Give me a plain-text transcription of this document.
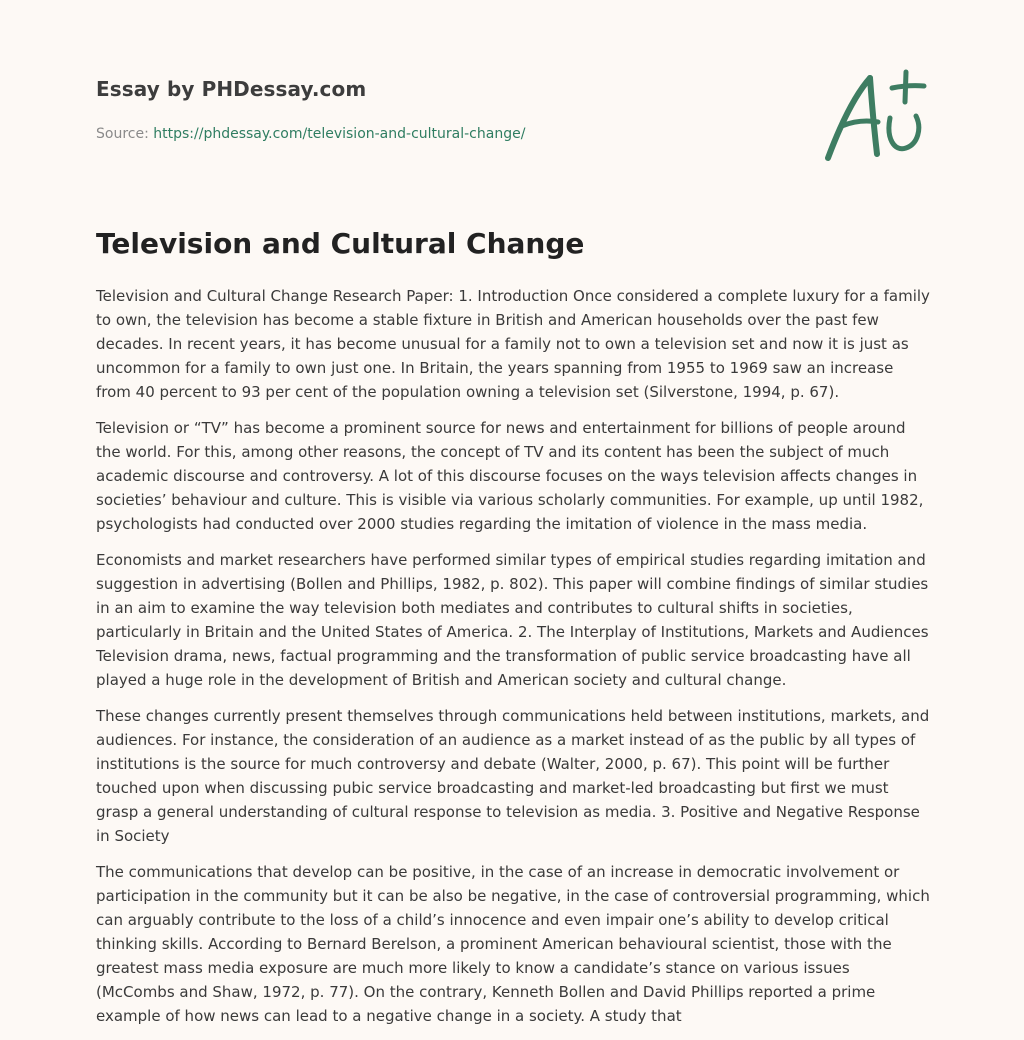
Essay by PHDessay.com
Source: https://phdessay.com/television-and-cultural-change/
Television and Cultural Change

Television and Cultural Change Research Paper: 1. Introduction Once considered a complete luxury for a family to own, the television has become a stable fixture in British and American households over the past few decades. In recent years, it has become unusual for a family not to own a television set and now it is just as uncommon for a family to own just one. In Britain, the years spanning from 1955 to 1969 saw an increase from 40 percent to 93 per cent of the population owning a television set (Silverstone, 1994, p. 67).

Television or “TV” has become a prominent source for news and entertainment for billions of people around the world. For this, among other reasons, the concept of TV and its content has been the subject of much academic discourse and controversy. A lot of this discourse focuses on the ways television affects changes in societies’ behaviour and culture. This is visible via various scholarly communities. For example, up until 1982, psychologists had conducted over 2000 studies regarding the imitation of violence in the mass media.

Economists and market researchers have performed similar types of empirical studies regarding imitation and suggestion in advertising (Bollen and Phillips, 1982, p. 802). This paper will combine findings of similar studies in an aim to examine the way television both mediates and contributes to cultural shifts in societies, particularly in Britain and the United States of America. 2. The Interplay of Institutions, Markets and Audiences Television drama, news, factual programming and the transformation of public service broadcasting have all played a huge role in the development of British and American society and cultural change.

These changes currently present themselves through communications held between institutions, markets, and audiences. For instance, the consideration of an audience as a market instead of as the public by all types of institutions is the source for much controversy and debate (Walter, 2000, p. 67). This point will be further touched upon when discussing pubic service broadcasting and market-led broadcasting but first we must grasp a general understanding of cultural response to television as media. 3. Positive and Negative Response in Society

The communications that develop can be positive, in the case of an increase in democratic involvement or participation in the community but it can be also be negative, in the case of controversial programming, which can arguably contribute to the loss of a child’s innocence and even impair one’s ability to develop critical thinking skills. According to Bernard Berelson, a prominent American behavioural scientist, those with the greatest mass media exposure are much more likely to know a candidate’s stance on various issues (McCombs and Shaw, 1972, p. 77). On the contrary, Kenneth Bollen and David Phillips reported a prime example of how news can lead to a negative change in a society. A study that
